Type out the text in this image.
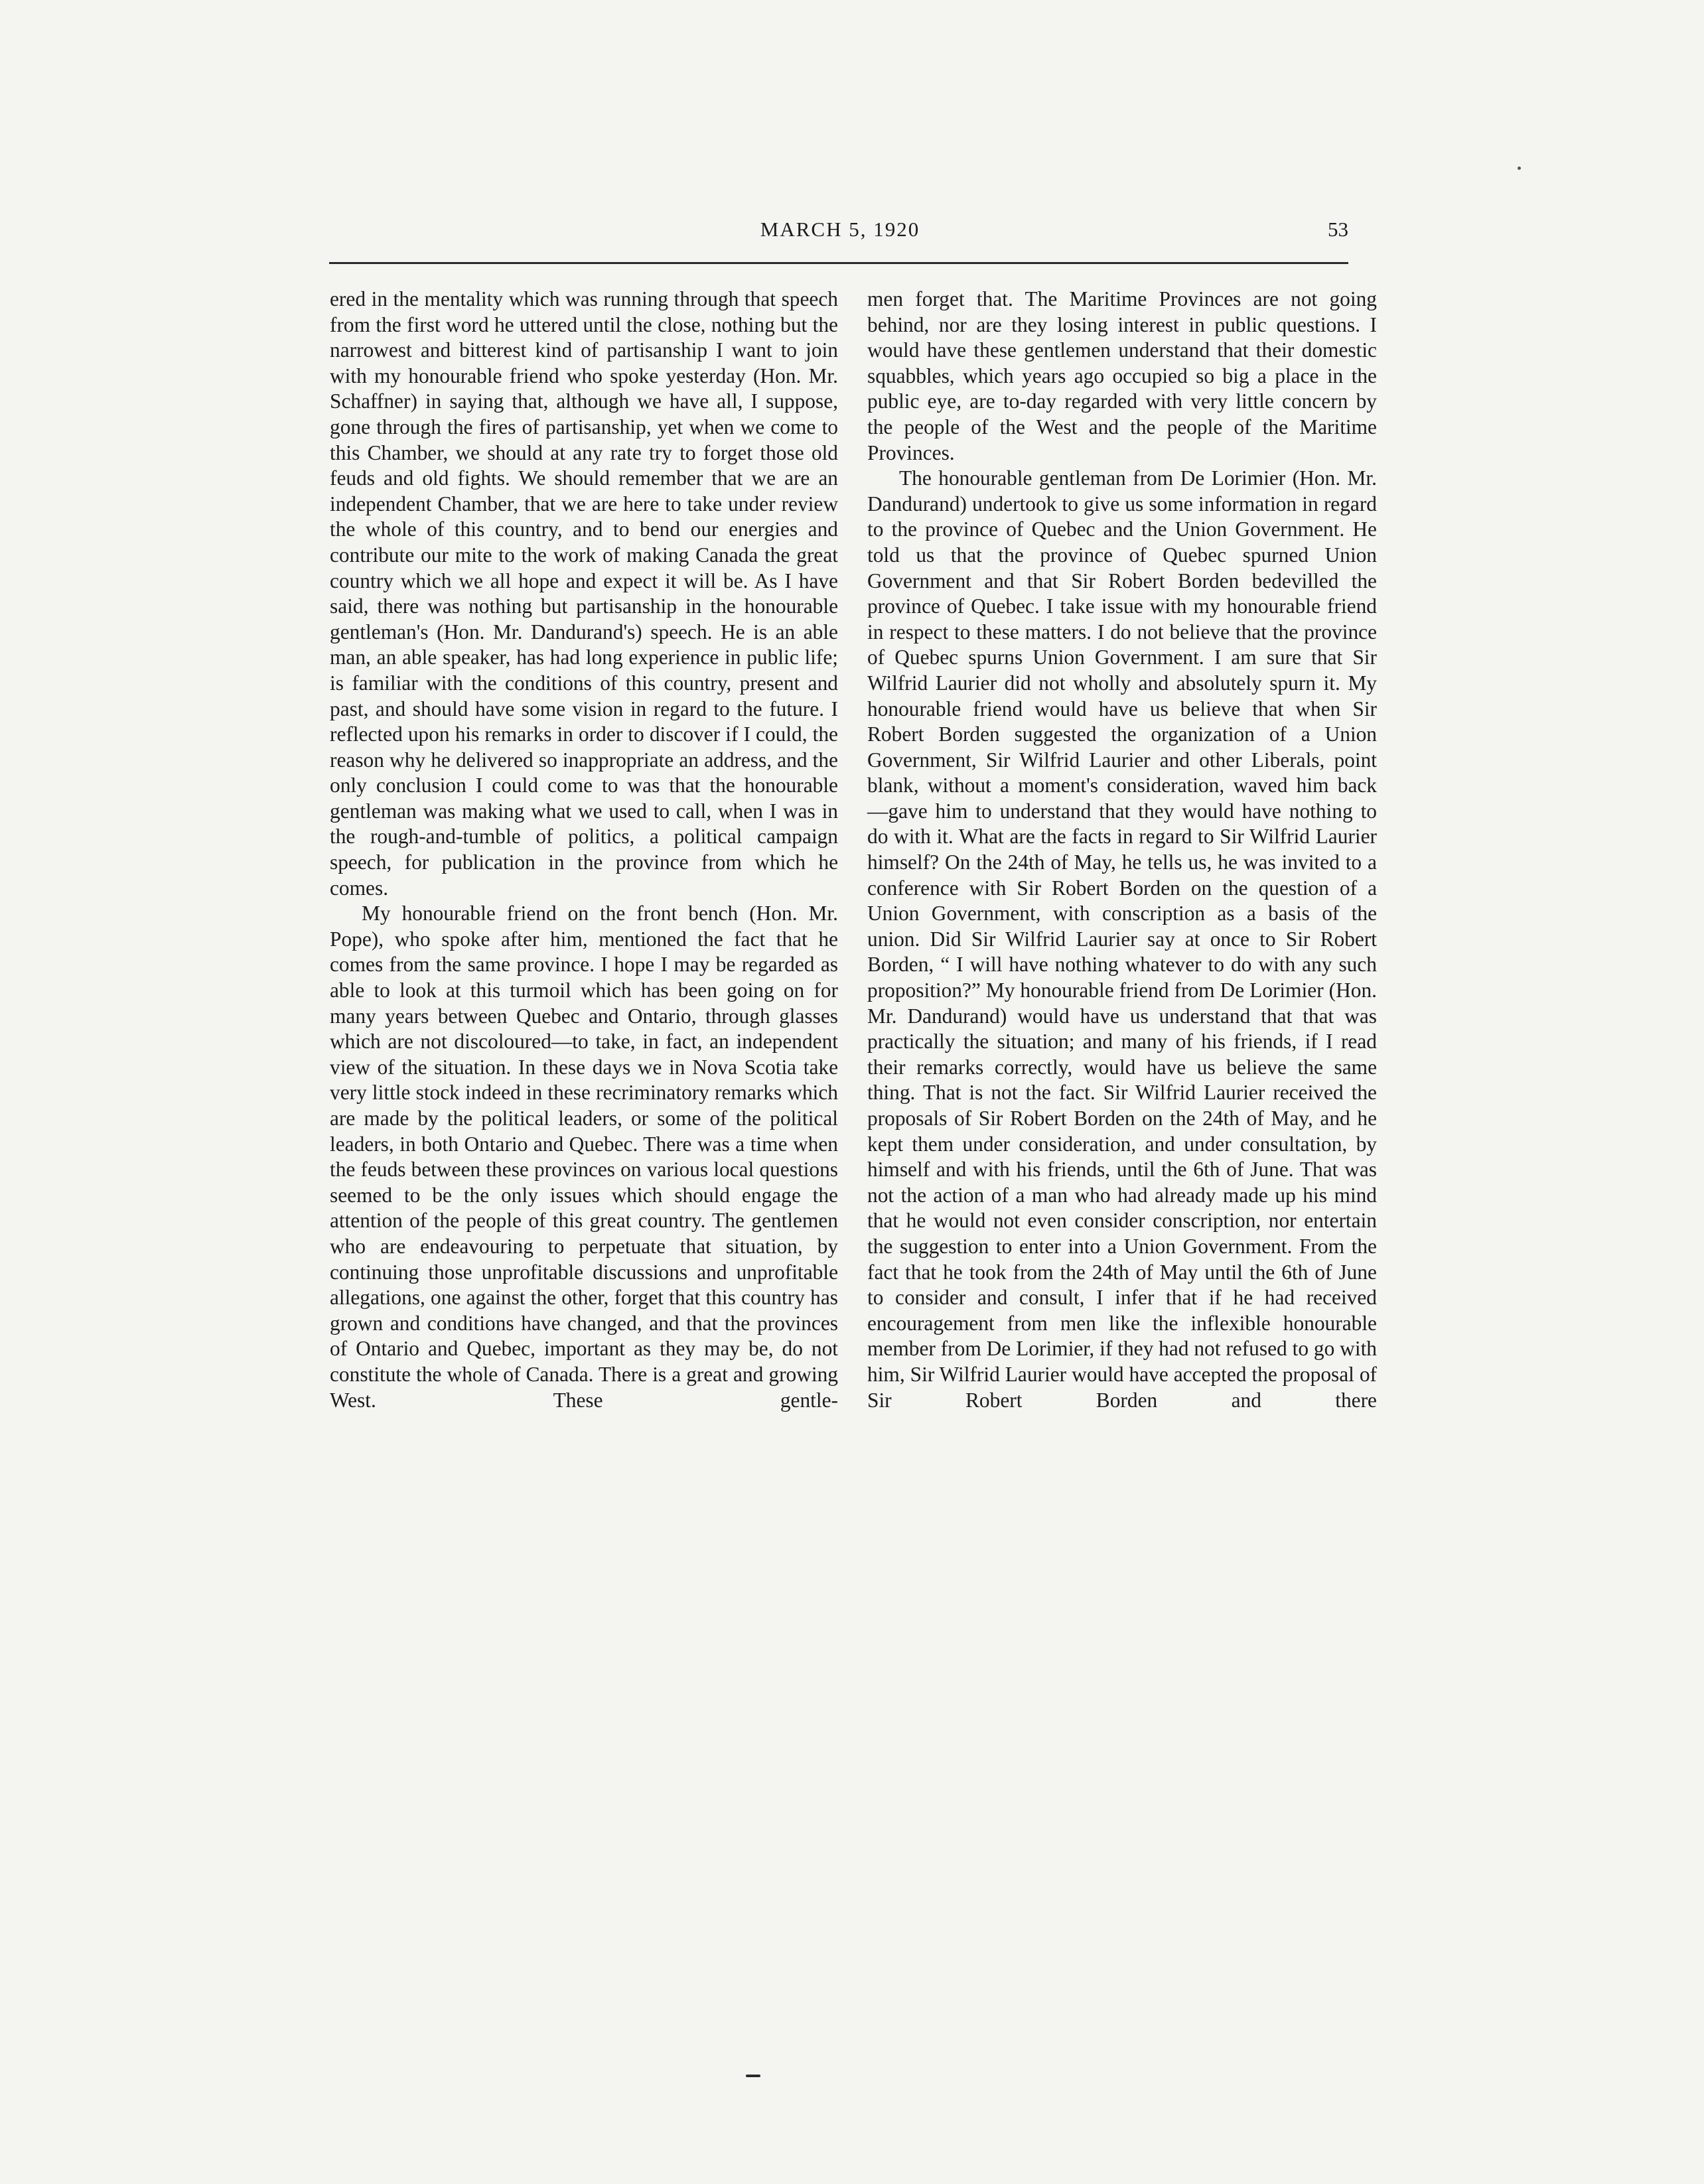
MARCH 5, 1920	53

ered in the mentality which was running through that speech from the first word he uttered until the close, nothing but the narrowest and bitterest kind of partisanship I want to join with my honourable friend who spoke yesterday (Hon. Mr. Schaffner) in saying that, although we have all, I suppose, gone through the fires of partisanship, yet when we come to this Chamber, we should at any rate try to forget those old feuds and old fights. We should remember that we are an independent Chamber, that we are here to take under review the whole of this country, and to bend our energies and contribute our mite to the work of making Canada the great country which we all hope and expect it will be. As I have said, there was nothing but partisanship in the honourable gentleman's (Hon. Mr. Dandurand's) speech. He is an able man, an able speaker, has had long experience in public life; is familiar with the conditions of this country, present and past, and should have some vision in regard to the future. I reflected upon his remarks in order to discover if I could, the reason why he delivered so inappropriate an address, and the only conclusion I could come to was that the honourable gentleman was making what we used to call, when I was in the rough-and-tumble of politics, a political campaign speech, for publication in the province from which he comes.

My honourable friend on the front bench (Hon. Mr. Pope), who spoke after him, mentioned the fact that he comes from the same province. I hope I may be regarded as able to look at this turmoil which has been going on for many years between Quebec and Ontario, through glasses which are not discoloured—to take, in fact, an independent view of the situation. In these days we in Nova Scotia take very little stock indeed in these recriminatory remarks which are made by the political leaders, or some of the political leaders, in both Ontario and Quebec. There was a time when the feuds between these provinces on various local questions seemed to be the only issues which should engage the attention of the people of this great country. The gentlemen who are endeavouring to perpetuate that situation, by continuing those unprofitable discussions and unprofitable allegations, one against the other, forget that this country has grown and conditions have changed, and that the provinces of Ontario and Quebec, important as they may be, do not constitute the whole of Canada. There is a great and growing West. These gentle-

men forget that. The Maritime Provinces are not going behind, nor are they losing interest in public questions. I would have these gentlemen understand that their domestic squabbles, which years ago occupied so big a place in the public eye, are to-day regarded with very little concern by the people of the West and the people of the Maritime Provinces.

The honourable gentleman from De Lorimier (Hon. Mr. Dandurand) undertook to give us some information in regard to the province of Quebec and the Union Government. He told us that the province of Quebec spurned Union Government and that Sir Robert Borden bedevilled the province of Quebec. I take issue with my honourable friend in respect to these matters. I do not believe that the province of Quebec spurns Union Government. I am sure that Sir Wilfrid Laurier did not wholly and absolutely spurn it. My honourable friend would have us believe that when Sir Robert Borden suggested the organization of a Union Government, Sir Wilfrid Laurier and other Liberals, point blank, without a moment's consideration, waved him back —gave him to understand that they would have nothing to do with it. What are the facts in regard to Sir Wilfrid Laurier himself? On the 24th of May, he tells us, he was invited to a conference with Sir Robert Borden on the question of a Union Government, with conscription as a basis of the union. Did Sir Wilfrid Laurier say at once to Sir Robert Borden, “ I will have nothing whatever to do with any such proposition?” My honourable friend from De Lorimier (Hon. Mr. Dandurand) would have us understand that that was practically the situation; and many of his friends, if I read their remarks correctly, would have us believe the same thing. That is not the fact. Sir Wilfrid Laurier received the proposals of Sir Robert Borden on the 24th of May, and he kept them under consideration, and under consultation, by himself and with his friends, until the 6th of June. That was not the action of a man who had already made up his mind that he would not even consider conscription, nor entertain the suggestion to enter into a Union Government. From the fact that he took from the 24th of May until the 6th of June to consider and consult, I infer that if he had received encouragement from men like the inflexible honourable member from De Lorimier, if they had not refused to go with him, Sir Wilfrid Laurier would have accepted the proposal of Sir Robert Borden and there
